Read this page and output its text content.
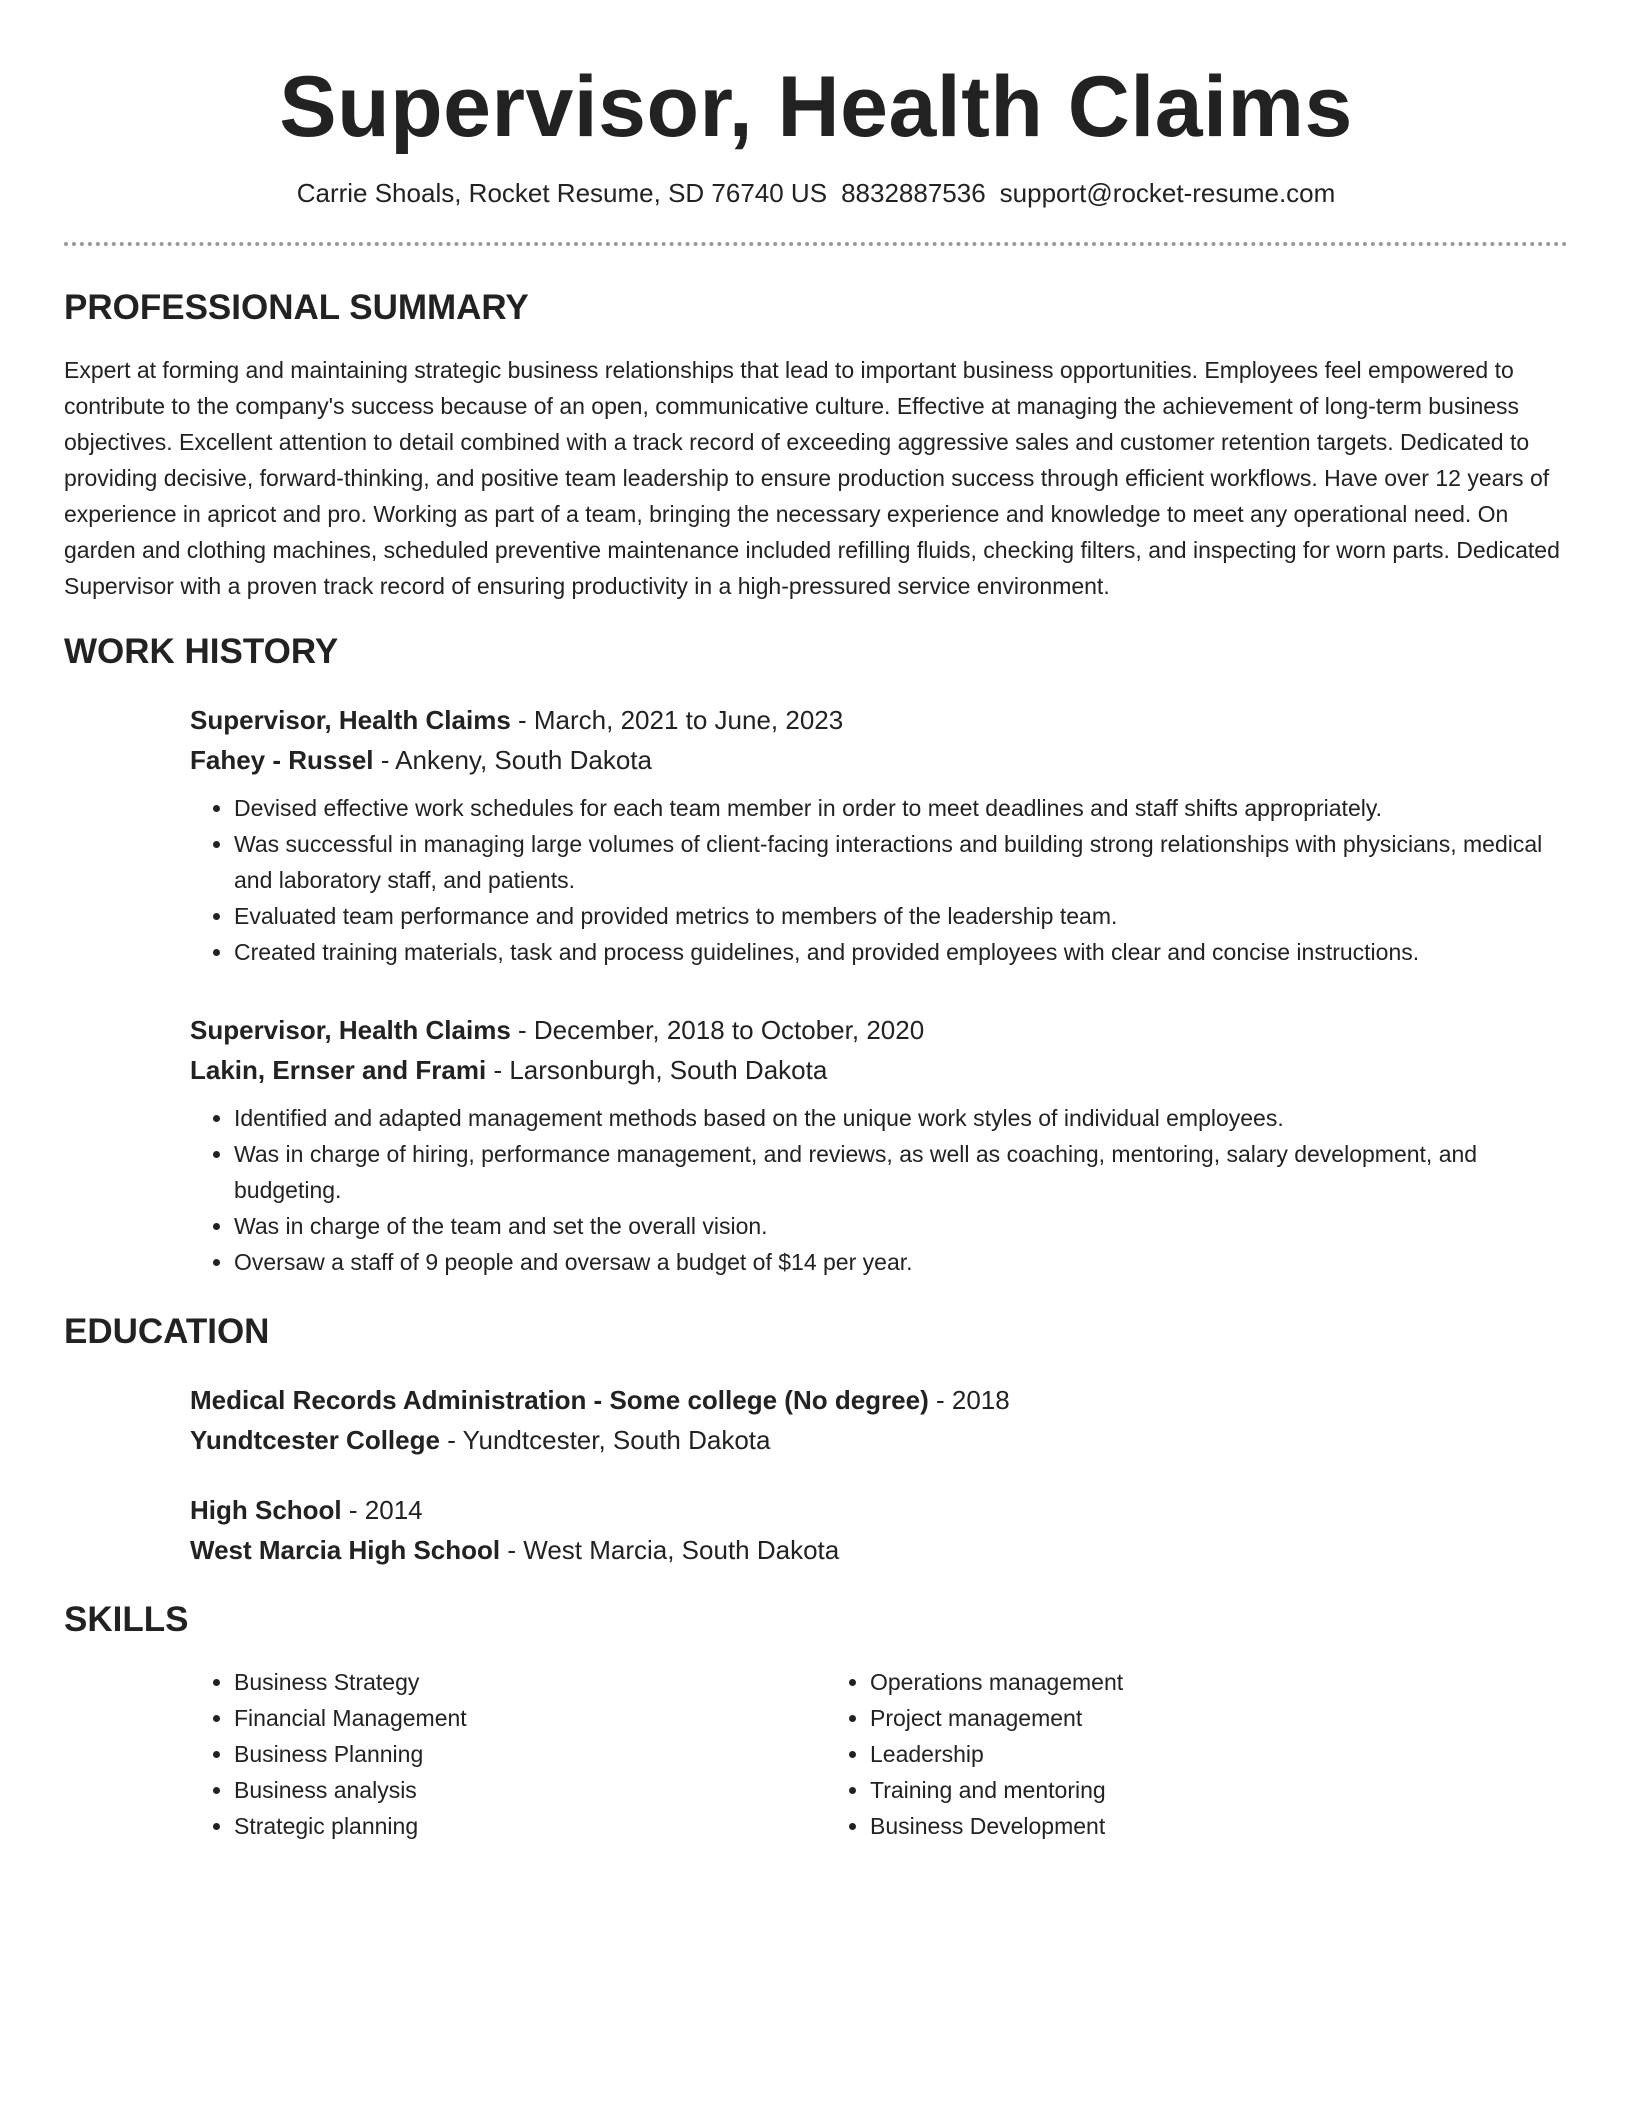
Supervisor, Health Claims
Carrie Shoals, Rocket Resume, SD 76740 US 8832887536 support@rocket-resume.com
PROFESSIONAL SUMMARY

Expert at forming and maintaining strategic business relationships that lead to important business opportunities. Employees feel empowered to contribute to the company's success because of an open, communicative culture. Effective at managing the achievement of long-term business objectives. Excellent attention to detail combined with a track record of exceeding aggressive sales and customer retention targets. Dedicated to providing decisive, forward-thinking, and positive team leadership to ensure production success through efficient workflows. Have over 12 years of experience in apricot and pro. Working as part of a team, bringing the necessary experience and knowledge to meet any operational need. On garden and clothing machines, scheduled preventive maintenance included refilling fluids, checking filters, and inspecting for worn parts. Dedicated Supervisor with a proven track record of ensuring productivity in a high-pressured service environment.

WORK HISTORY
Supervisor, Health Claims - March, 2021 to June, 2023
Fahey - Russel - Ankeny, South Dakota
• Devised effective work schedules for each team member in order to meet deadlines and staff shifts appropriately.
• Was successful in managing large volumes of client-facing interactions and building strong relationships with physicians, medical and laboratory staff, and patients.
• Evaluated team performance and provided metrics to members of the leadership team.
• Created training materials, task and process guidelines, and provided employees with clear and concise instructions.
Supervisor, Health Claims - December, 2018 to October, 2020
Lakin, Ernser and Frami - Larsonburgh, South Dakota
• Identified and adapted management methods based on the unique work styles of individual employees.
• Was in charge of hiring, performance management, and reviews, as well as coaching, mentoring, salary development, and budgeting.
• Was in charge of the team and set the overall vision.
• Oversaw a staff of 9 people and oversaw a budget of $14 per year.
EDUCATION
Medical Records Administration - Some college (No degree) - 2018
Yundtcester College - Yundtcester, South Dakota
High School - 2014
West Marcia High School - West Marcia, South Dakota
SKILLS
• Business Strategy
• Financial Management
• Business Planning
• Business analysis
• Strategic planning
• Operations management
• Project management
• Leadership
• Training and mentoring
• Business Development
